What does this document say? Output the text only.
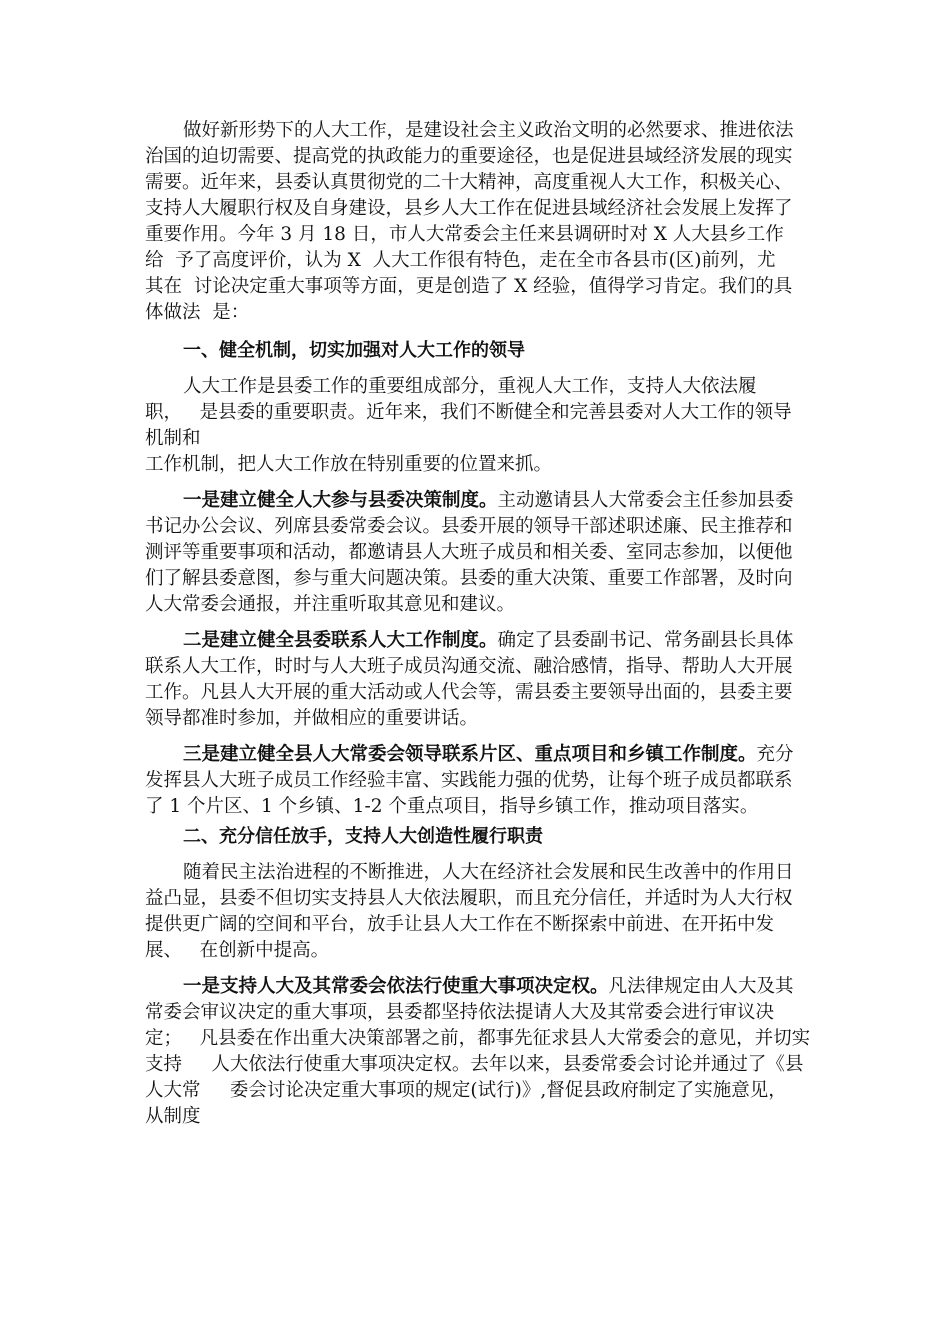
做好新形势下的人大工作，是建设社会主义政治文明的必然要求、推进依法
治国的迫切需要、提高党的执政能力的重要途径，也是促进县域经济发展的现实
需要。近年来，县委认真贯彻党的二十大精神，高度重视人大工作，积极关心、
支持人大履职行权及自身建设，县乡人大工作在促进县域经济社会发展上发挥了
重要作用。今年 3 月 18 日，市人大常委会主任来县调研时对 X 人大县乡工作
给  予了高度评价，认为 X  人大工作很有特色，走在全市各县市(区)前列，尤
其在  讨论决定重大事项等方面，更是创造了 X 经验，值得学习肯定。我们的具
体做法  是：
一、健全机制，切实加强对人大工作的领导
人大工作是县委工作的重要组成部分，重视人大工作，支持人大依法履
职，   是县委的重要职责。近年来，我们不断健全和完善县委对人大工作的领导
机制和
工作机制，把人大工作放在特别重要的位置来抓。
一是建立健全人大参与县委决策制度。主动邀请县人大常委会主任参加县委
书记办公会议、列席县委常委会议。县委开展的领导干部述职述廉、民主推荐和
测评等重要事项和活动，都邀请县人大班子成员和相关委、室同志参加，以便他
们了解县委意图，参与重大问题决策。县委的重大决策、重要工作部署，及时向
人大常委会通报，并注重听取其意见和建议。
二是建立健全县委联系人大工作制度。确定了县委副书记、常务副县长具体
联系人大工作，时时与人大班子成员沟通交流、融洽感情，指导、帮助人大开展
工作。凡县人大开展的重大活动或人代会等，需县委主要领导出面的，县委主要
领导都准时参加，并做相应的重要讲话。
三是建立健全县人大常委会领导联系片区、重点项目和乡镇工作制度。充分
发挥县人大班子成员工作经验丰富、实践能力强的优势，让每个班子成员都联系
了 1 个片区、1 个乡镇、1-2 个重点项目，指导乡镇工作，推动项目落实。
二、充分信任放手，支持人大创造性履行职责
随着民主法治进程的不断推进，人大在经济社会发展和民生改善中的作用日
益凸显，县委不但切实支持县人大依法履职，而且充分信任，并适时为人大行权
提供更广阔的空间和平台，放手让县人大工作在不断探索中前进、在开拓中发
展、   在创新中提高。
一是支持人大及其常委会依法行使重大事项决定权。凡法律规定由人大及其
常委会审议决定的重大事项，县委都坚持依法提请人大及其常委会进行审议决
定；   凡县委在作出重大决策部署之前，都事先征求县人大常委会的意见，并切实
支持     人大依法行使重大事项决定权。去年以来，县委常委会讨论并通过了《县
人大常     委会讨论决定重大事项的规定(试行)》,督促县政府制定了实施意见，
从制度
